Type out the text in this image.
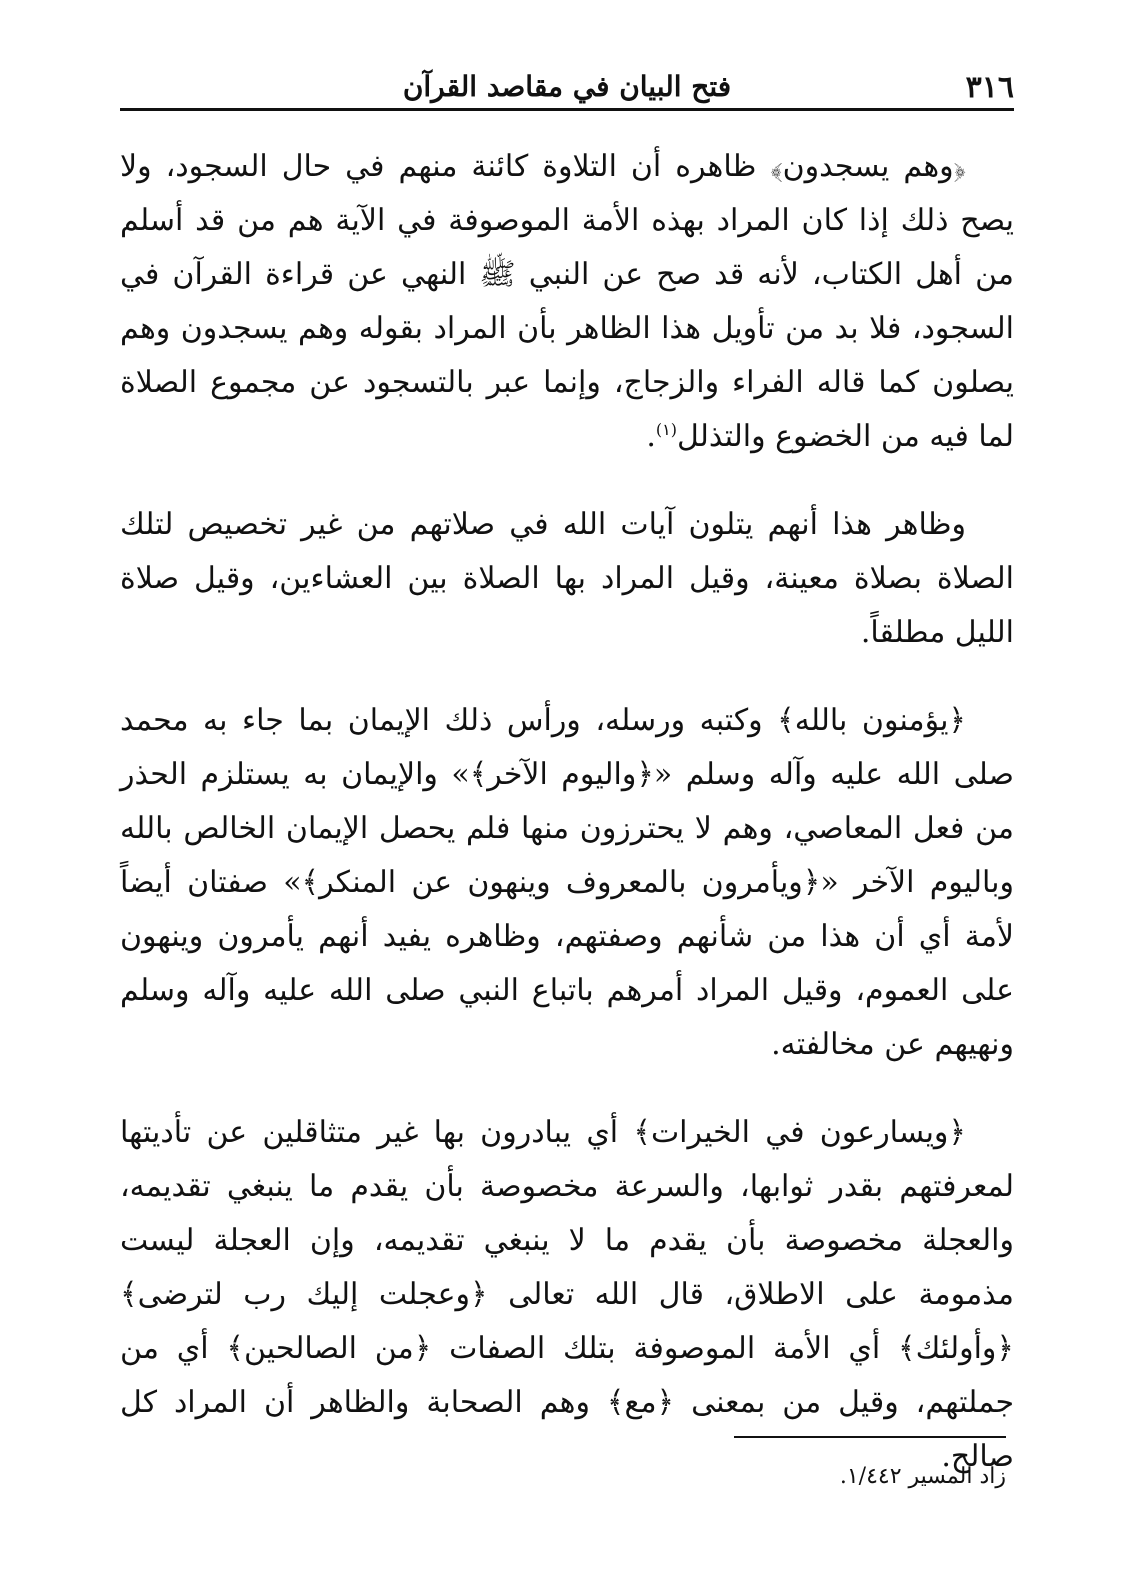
٣١٦
فتح البيان في مقاصد القرآن

﴿وهم يسجدون﴾ ظاهره أن التلاوة كائنة منهم في حال السجود، ولا يصح ذلك إذا كان المراد بهذه الأمة الموصوفة في الآية هم من قد أسلم من أهل الكتاب، لأنه قد صح عن النبي ﷺ النهي عن قراءة القرآن في السجود، فلا بد من تأويل هذا الظاهر بأن المراد بقوله وهم يسجدون وهم يصلون كما قاله الفراء والزجاج، وإنما عبر بالتسجود عن مجموع الصلاة لما فيه من الخضوع والتذلل$^{(١)}$.

وظاهر هذا أنهم يتلون آيات الله في صلاتهم من غير تخصيص لتلك الصلاة بصلاة معينة، وقيل المراد بها الصلاة بين العشاءين، وقيل صلاة الليل مطلقاً.

﴿يؤمنون بالله﴾ وكتبه ورسله، ورأس ذلك الإيمان بما جاء به محمد صلى الله عليه وآله وسلم «﴿واليوم الآخر﴾» والإيمان به يستلزم الحذر من فعل المعاصي، وهم لا يحترزون منها فلم يحصل الإيمان الخالص بالله وباليوم الآخر «﴿ويأمرون بالمعروف وينهون عن المنكر﴾» صفتان أيضاً لأمة أي أن هذا من شأنهم وصفتهم، وظاهره يفيد أنهم يأمرون وينهون على العموم، وقيل المراد أمرهم باتباع النبي صلى الله عليه وآله وسلم ونهيهم عن مخالفته.

﴿ويسارعون في الخيرات﴾ أي يبادرون بها غير متثاقلين عن تأديتها لمعرفتهم بقدر ثوابها، والسرعة مخصوصة بأن يقدم ما ينبغي تقديمه، والعجلة مخصوصة بأن يقدم ما لا ينبغي تقديمه، وإن العجلة ليست مذمومة على الاطلاق، قال الله تعالى ﴿وعجلت إليك رب لترضى﴾ ﴿وأولئك﴾ أي الأمة الموصوفة بتلك الصفات ﴿من الصالحين﴾ أي من جملتهم، وقيل من بمعنى ﴿مع﴾ وهم الصحابة والظاهر أن المراد كل صالح.

زاد المسير ١/٤٤٢.
